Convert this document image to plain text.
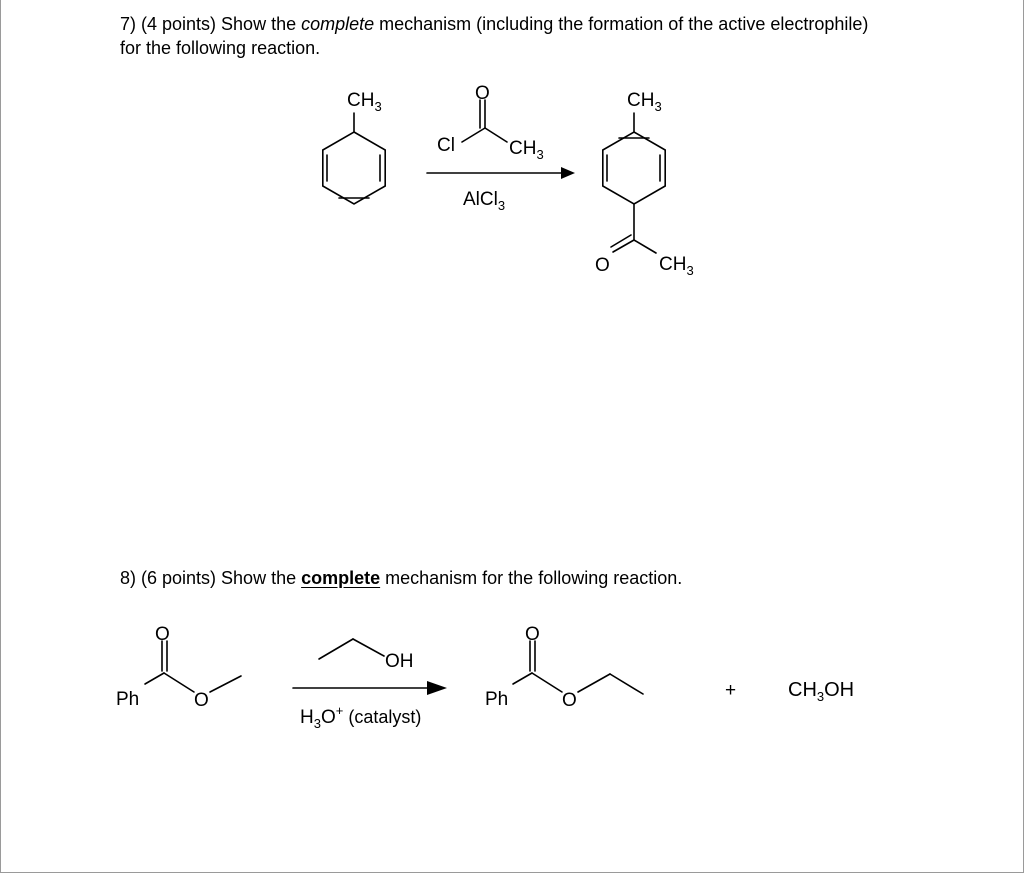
7) (4 points) Show the complete mechanism (including the formation of the active electrophile) for the following reaction.
$CH_3$
O
Cl	$CH_3$
AlCl$_3$
$CH_3$
O	$CH_3$
O
Ph	O
OH
$H_3O^+$ (catalyst)
O
Ph	O	+	$CH_3OH$
8) (6 points) Show the complete mechanism for the following reaction.
